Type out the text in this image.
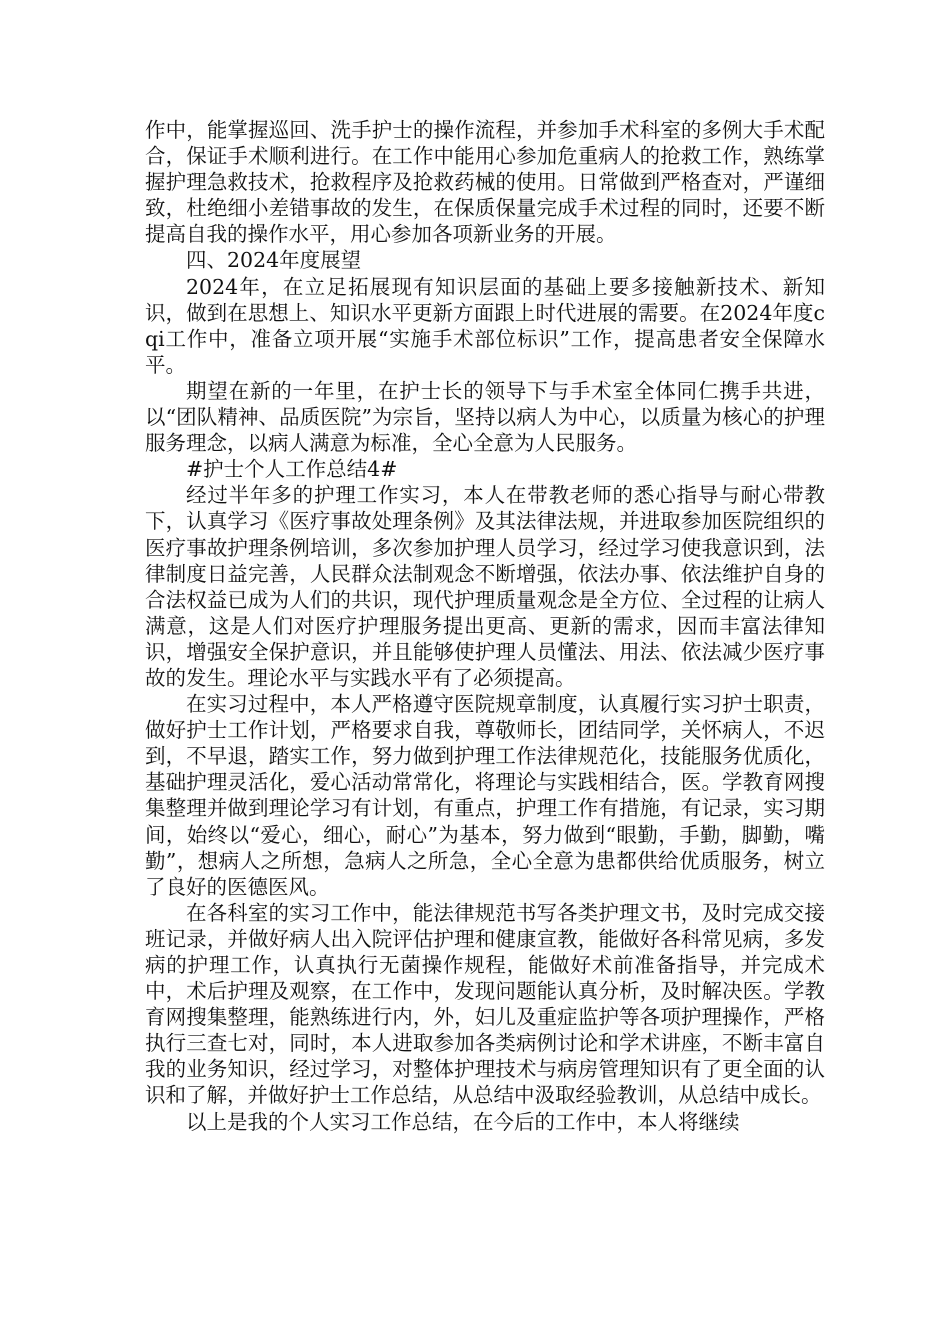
作中，能掌握巡回、洗手护士的操作流程，并参加手术科室的多例大手术配合，保证手术顺利进行。在工作中能用心参加危重病人的抢救工作，熟练掌握护理急救技术，抢救程序及抢救药械的使用。日常做到严格查对，严谨细致，杜绝细小差错事故的发生，在保质保量完成手术过程的同时，还要不断提高自我的操作水平，用心参加各项新业务的开展。

四、2024年度展望

2024年，在立足拓展现有知识层面的基础上要多接触新技术、新知识，做到在思想上、知识水平更新方面跟上时代进展的需要。在2024年度cqi工作中，准备立项开展“实施手术部位标识”工作，提高患者安全保障水平。

期望在新的一年里，在护士长的领导下与手术室全体同仁携手共进，以“团队精神、品质医院”为宗旨，坚持以病人为中心，以质量为核心的护理服务理念，以病人满意为标准，全心全意为人民服务。

#护士个人工作总结4#

经过半年多的护理工作实习，本人在带教老师的悉心指导与耐心带教下，认真学习《医疗事故处理条例》及其法律法规，并进取参加医院组织的医疗事故护理条例培训，多次参加护理人员学习，经过学习使我意识到，法律制度日益完善，人民群众法制观念不断增强，依法办事、依法维护自身的合法权益已成为人们的共识，现代护理质量观念是全方位、全过程的让病人满意，这是人们对医疗护理服务提出更高、更新的需求，因而丰富法律知识，增强安全保护意识，并且能够使护理人员懂法、用法、依法减少医疗事故的发生。理论水平与实践水平有了必须提高。

在实习过程中，本人严格遵守医院规章制度，认真履行实习护士职责，做好护士工作计划，严格要求自我，尊敬师长，团结同学，关怀病人，不迟到，不早退，踏实工作，努力做到护理工作法律规范化，技能服务优质化，基础护理灵活化，爱心活动常常化，将理论与实践相结合，医。学教育网搜集整理并做到理论学习有计划，有重点，护理工作有措施，有记录，实习期间，始终以“爱心，细心，耐心”为基本，努力做到“眼勤，手勤，脚勤，嘴勤”，想病人之所想，急病人之所急，全心全意为患都供给优质服务，树立了良好的医德医风。

在各科室的实习工作中，能法律规范书写各类护理文书，及时完成交接班记录，并做好病人出入院评估护理和健康宣教，能做好各科常见病，多发病的护理工作，认真执行无菌操作规程，能做好术前准备指导，并完成术中，术后护理及观察，在工作中，发现问题能认真分析，及时解决医。学教育网搜集整理，能熟练进行内，外，妇儿及重症监护等各项护理操作，严格执行三查七对，同时，本人进取参加各类病例讨论和学术讲座，不断丰富自我的业务知识，经过学习，对整体护理技术与病房管理知识有了更全面的认识和了解，并做好护士工作总结，从总结中汲取经验教训，从总结中成长。

以上是我的个人实习工作总结，在今后的工作中，本人将继续
